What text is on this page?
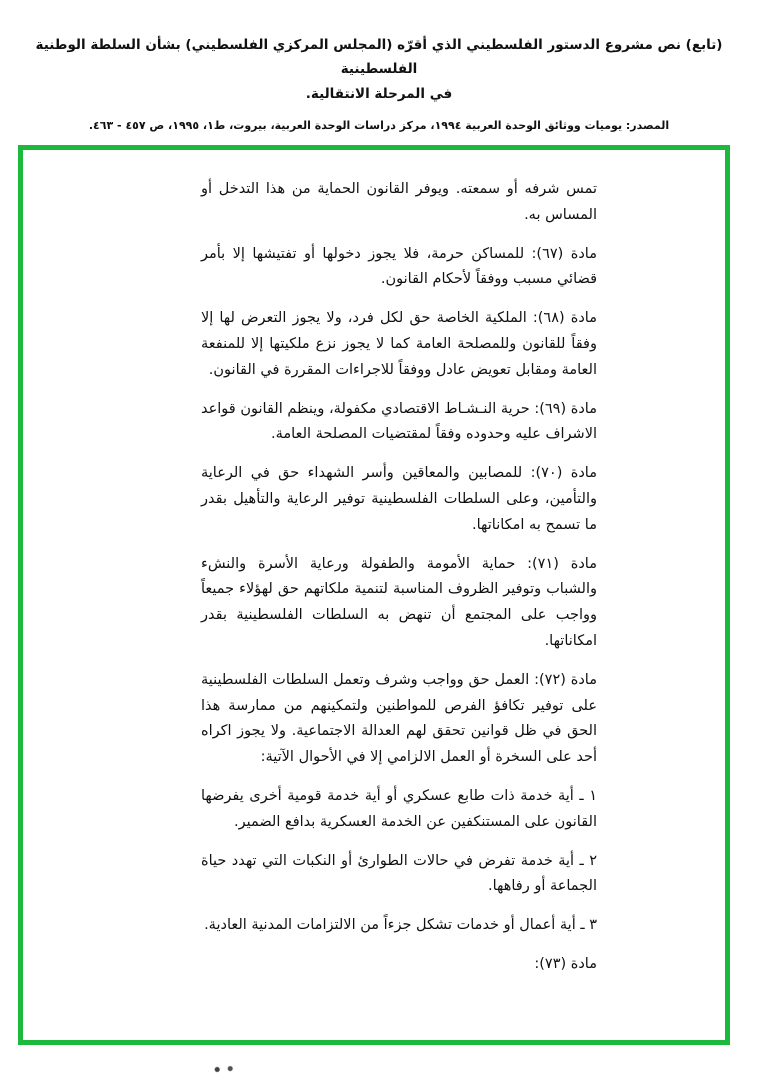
(تابع) نص مشروع الدستور الفلسطيني الذي أقرّه (المجلس المركزي الفلسطيني) بشأن السلطة الوطنية الفلسطينية
في المرحلة الانتقالية.
المصدر: يوميات ووثائق الوحدة العربية ١٩٩٤، مركز دراسات الوحدة العربية، بيروت، ط١، ١٩٩٥، ص ٤٥٧ - ٤٦٣.

تمس شرفه أو سمعته. ويوفر القانون الحماية من هذا التدخل أو المساس به.

مادة (٦٧): للمساكن حرمة، فلا يجوز دخولها أو تفتيشها إلا بأمر قضائي مسبب ووفقاً لأحكام القانون.

مادة (٦٨): الملكية الخاصة حق لكل فرد، ولا يجوز التعرض لها إلا وفقاً للقانون وللمصلحة العامة كما لا يجوز نزع ملكيتها إلا للمنفعة العامة ومقابل تعويض عادل ووفقاً للاجراءات المقررة في القانون.

مادة (٦٩): حرية النـشـاط الاقتصادي مكفولة، وينظم القانون قواعد الاشراف عليه وحدوده وفقاً لمقتضيات المصلحة العامة.

مادة (٧٠): للمصابين والمعاقين وأسر الشهداء حق في الرعاية والتأمين، وعلى السلطات الفلسطينية توفير الرعاية والتأهيل بقدر ما تسمح به امكاناتها.

مادة (٧١): حماية الأمومة والطفولة ورعاية الأسرة والنشء والشباب وتوفير الظروف المناسبة لتنمية ملكاتهم حق لهؤلاء جميعاً وواجب على المجتمع أن تنهض به السلطات الفلسطينية بقدر امكاناتها.

مادة (٧٢): العمل حق وواجب وشرف وتعمل السلطات الفلسطينية على توفير تكافؤ الفرص للمواطنين ولتمكينهم من ممارسة هذا الحق في ظل قوانين تحقق لهم العدالة الاجتماعية. ولا يجوز اكراه أحد على السخرة أو العمل الالزامي إلا في الأحوال الآتية:

١ ـ أية خدمة ذات طابع عسكري أو أية خدمة قومية أخرى يفرضها القانون على المستنكفين عن الخدمة العسكرية بدافع الضمير.

٢ ـ أية خدمة تفرض في حالات الطوارئ أو النكبات التي تهدد حياة الجماعة أو رفاهها.

٣ ـ أية أعمال أو خدمات تشكل جزءاً من الالتزامات المدنية العادية.

مادة (٧٣):
